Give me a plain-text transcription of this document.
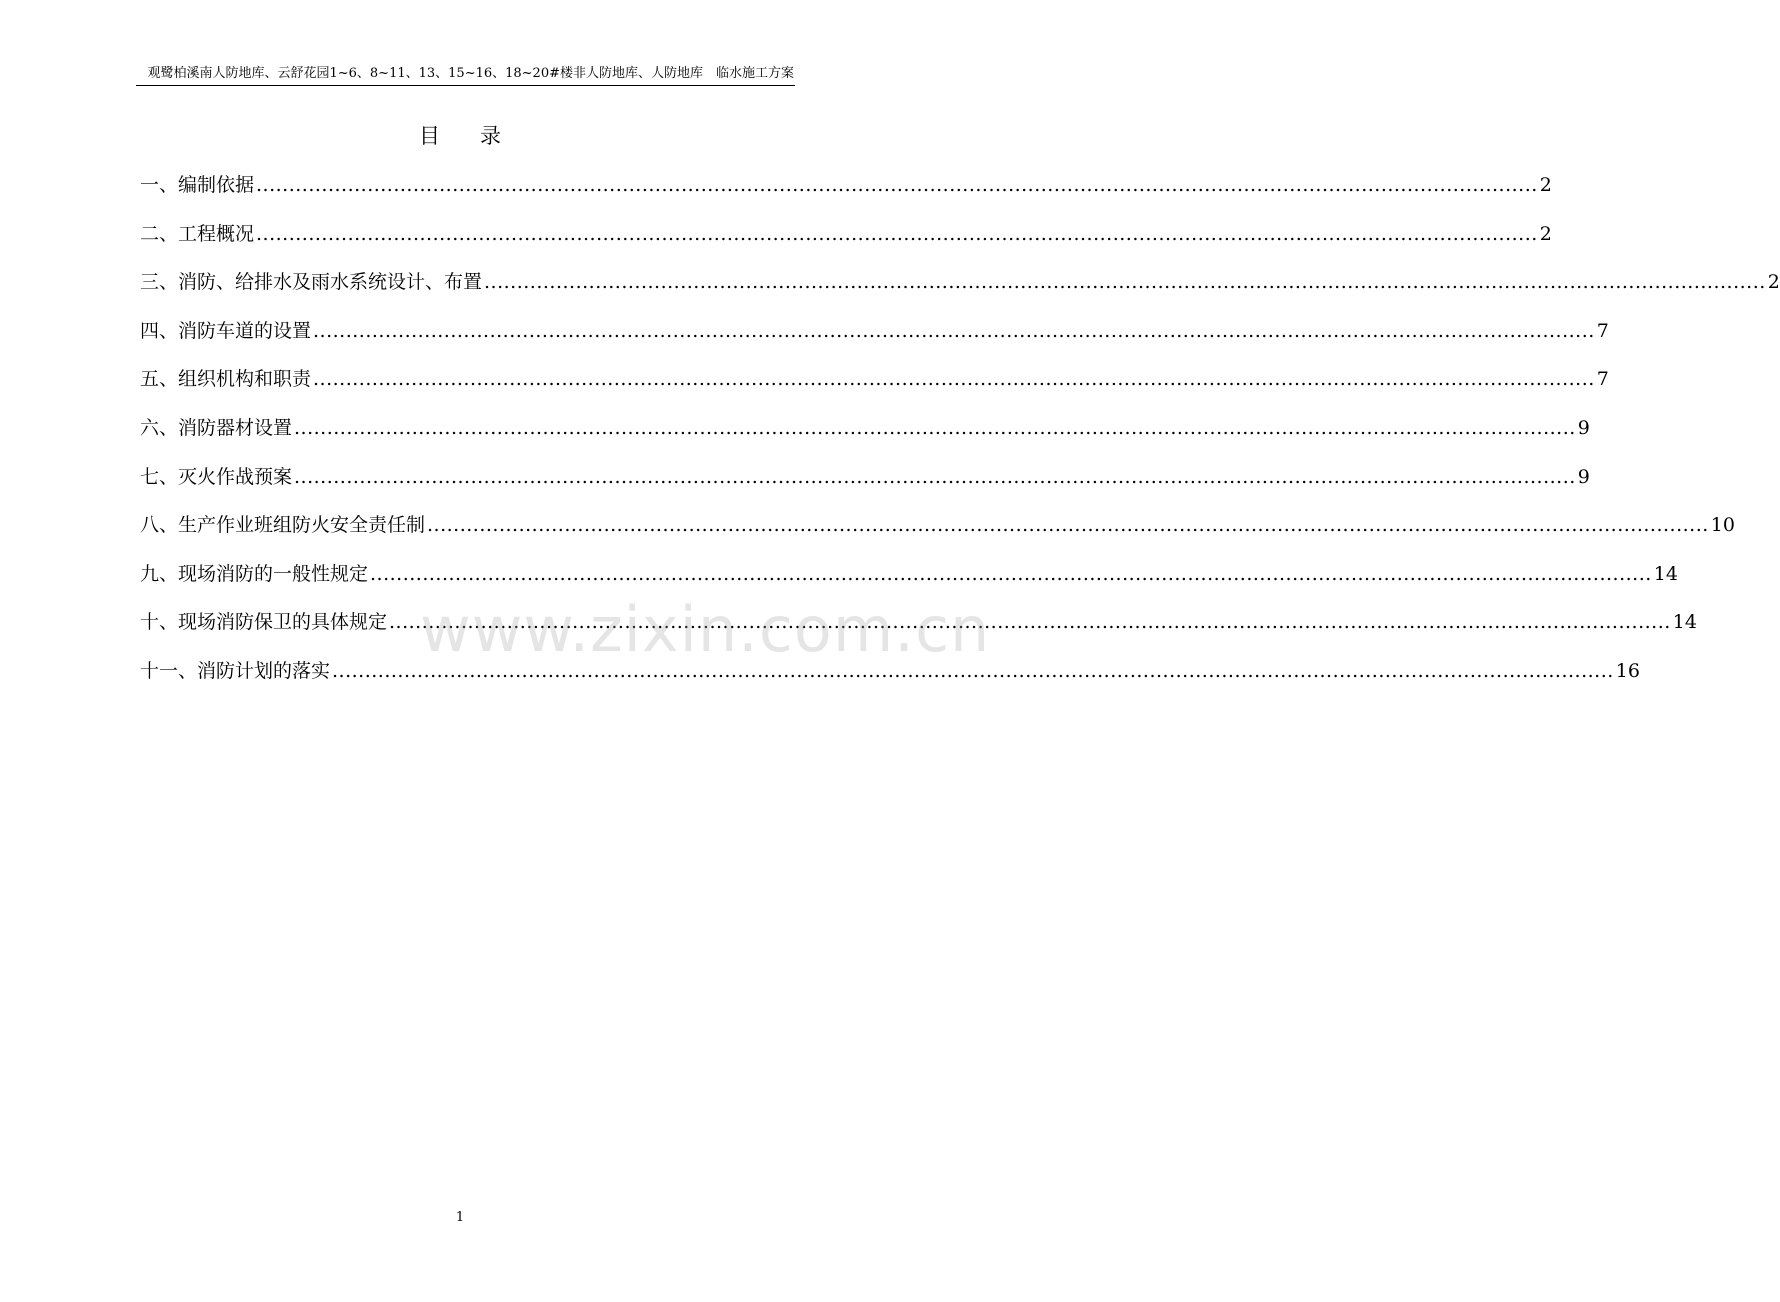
观鹭柏溪南人防地库、云舒花园1~6、8~11、13、15~16、18~20#楼非人防地库、人防地库　临水施工方案
目 录
一、编制依据 .....	2
二、工程概况 .....	2
三、消防、给排水及雨水系统设计、布置 .....	2
四、消防车道的设置 .....	7
五、组织机构和职责 .....	7
六、消防器材设置 .....	9
七、灭火作战预案 .....	9
八、生产作业班组防火安全责任制 .....	10
九、现场消防的一般性规定 .....	14
十、现场消防保卫的具体规定 .....	14
十一、消防计划的落实 .....	16
www.zixin.com.cn
1
